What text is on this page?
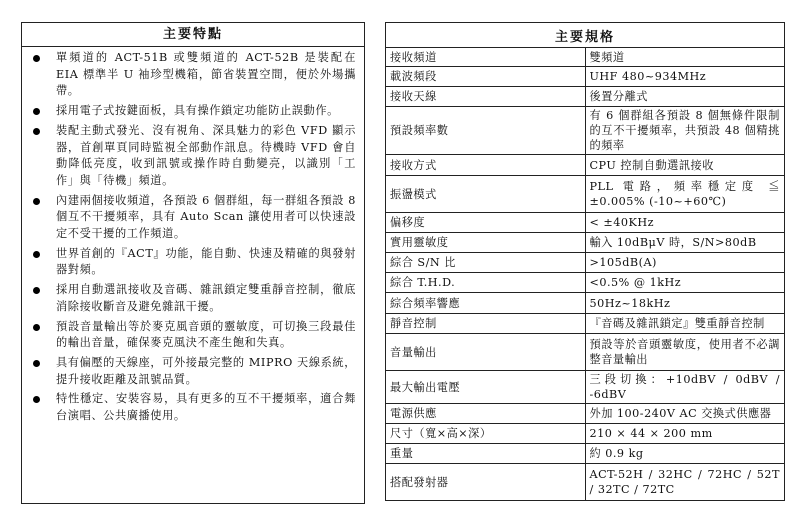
主要特點
單頻道的 ACT-51B 或雙頻道的 ACT-52B 是裝配在 EIA 標準半 U 袖珍型機箱，節省裝置空間，便於外場攜帶。
採用電子式按鍵面板，具有操作鎖定功能防止誤動作。
裝配主動式發光、沒有視角、深具魅力的彩色 VFD 顯示器，首創單頁同時監視全部動作訊息。待機時 VFD 會自動降低亮度，收到訊號或操作時自動變亮，以識別「工作」與「待機」頻道。
內建兩個接收頻道，各預設 6 個群組，每一群組各預設 8 個互不干擾頻率，具有 Auto Scan 讓使用者可以快速設定不受干擾的工作頻道。
世界首創的『ACT』功能，能自動、快速及精確的與發射器對頻。
採用自動選訊接收及音碼、雜訊鎖定雙重靜音控制，徹底消除接收斷音及避免雜訊干擾。
預設音量輸出等於麥克風音頭的靈敏度，可切換三段最佳的輸出音量，確保麥克風決不產生飽和失真。
具有偏壓的天線座，可外接最完整的 MIPRO 天線系統，提升接收距離及訊號品質。
特性穩定、安裝容易，具有更多的互不干擾頻率，適合舞台演唱、公共廣播使用。
主要規格	
接收頻道	雙頻道
載波頻段	UHF 480~934MHz
接收天線	後置分離式
預設頻率數	有 6 個群組各預設 8 個無條件限制的互不干擾頻率，共預設 48 個精挑的頻率
接收方式	CPU 控制自動選訊接收
振盪模式	PLL 電路，頻率穩定度 ≦ ±0.005% (-10~+60℃)
偏移度	< ±40KHz
實用靈敏度	輸入 10dBμV 時，S/N>80dB
綜合 S/N 比	>105dB(A)
綜合 T.H.D.	<0.5% @ 1kHz
綜合頻率響應	50Hz~18kHz
靜音控制	『音碼及雜訊鎖定』雙重靜音控制
音量輸出	預設等於音頭靈敏度，使用者不必調整音量輸出
最大輸出電壓	三段切換：+10dBV / 0dBV / -6dBV
電源供應	外加 100-240V AC 交換式供應器
尺寸（寬×高×深）	210 × 44 × 200 mm
重量	約 0.9 kg
搭配發射器	ACT-52H / 32HC / 72HC / 52T / 32TC / 72TC
